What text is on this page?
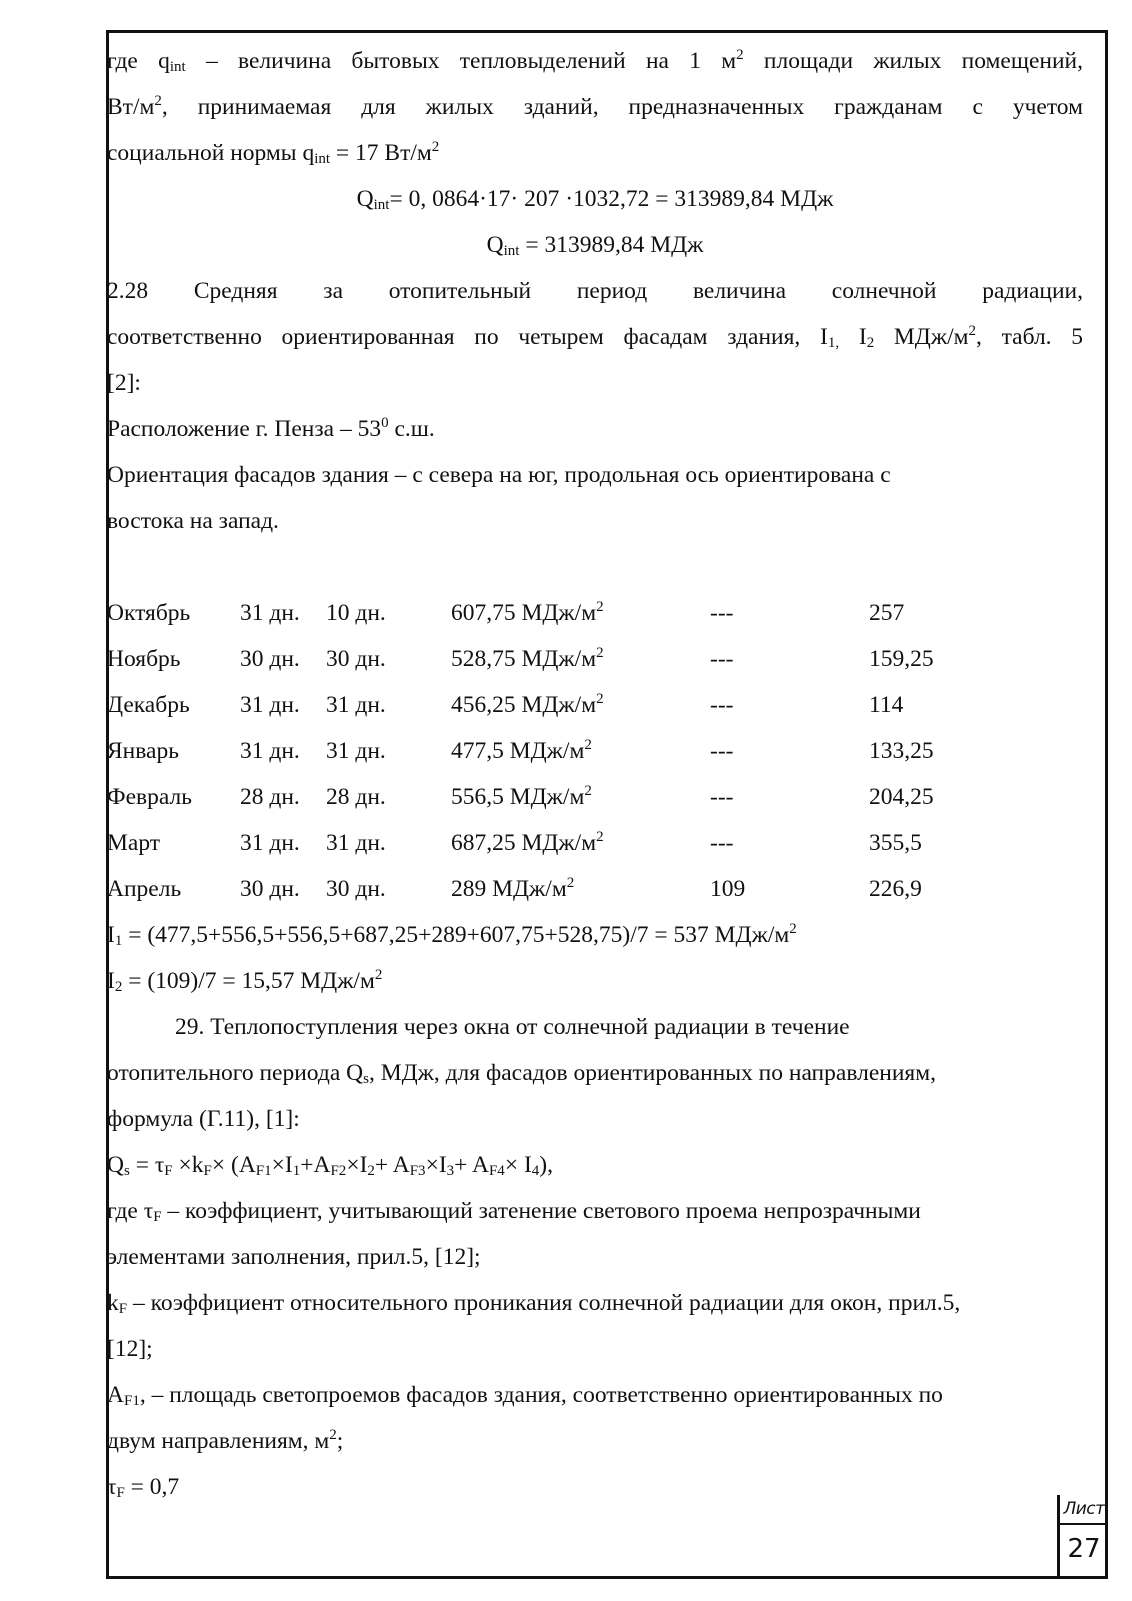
где $q_{int}$ – величина бытовых тепловыделений на 1 $м^2$ площади жилых помещений,
$Вт/м^2$, принимаемая для жилых зданий, предназначенных гражданам с учетом
социальной нормы $q_{int} = 17$ $Вт/м^2$
$Q_{int}= 0$, 0864·17· 207 ·1032,72 = 313989,84 МДж
$Q_{int} = 313989,84$ МДж
2.28 Средняя за отопительный период величина солнечной радиации,
соответственно ориентированная по четырем фасадам здания, $I_{1,}$ $I_2$ МДж/$м^2$, табл. 5
[2]:
Расположение г. Пенза – $53^0$ с.ш.
Ориентация фасадов здания – с севера на юг, продольная ось ориентирована с
востока на запад.
Октябрь 31 дн. 10 дн.	607,75 МДж/$м^2$	---	257
Ноябрь	30 дн. 30 дн.	528,75 МДж/$м^2$	---	159,25
Декабрь 31 дн. 31 дн.	456,25 МДж/$м^2$	---	114
Январь	31 дн. 31 дн.	477,5 МДж/$м^2$	---	133,25
Февраль 28 дн. 28 дн.	556,5 МДж/$м^2$	---	204,25
Март	31 дн. 31 дн.	687,25 МДж/$м^2$	---	355,5
Апрель	30 дн. 30 дн.	289 МДж/$м^2$	109	226,9
$I_1 = (477,5+556,5+556,5+687,25+289+607,75+528,75)/7 = 537$ МДж/$м^2$
$I_2 = (109)/7 = 15,57$ МДж/$м^2$
29. Теплопоступления через окна от солнечной радиации в течение
отопительного периода $Q_s$, МДж, для фасадов ориентированных по направлениям,
формула (Г.11), [1]:
$Q_s = \tau_F \times k_F\times (A_{F1}\times I_1+A_{F2}\times I_2+ A_{F3}\times I_3+ A_{F4}\times I_4)$,
где $\tau_F$ – коэффициент, учитывающий затенение светового проема непрозрачными
элементами заполнения, прил.5, [12];
$k_F$ – коэффициент относительного проникания солнечной радиации для окон, прил.5,
[12];
$A_{F1}$, – площадь светопроемов фасадов здания, соответственно ориентированных по
двум направлениям, $м^2$;
$\tau_F = 0,7$
Лист
27
